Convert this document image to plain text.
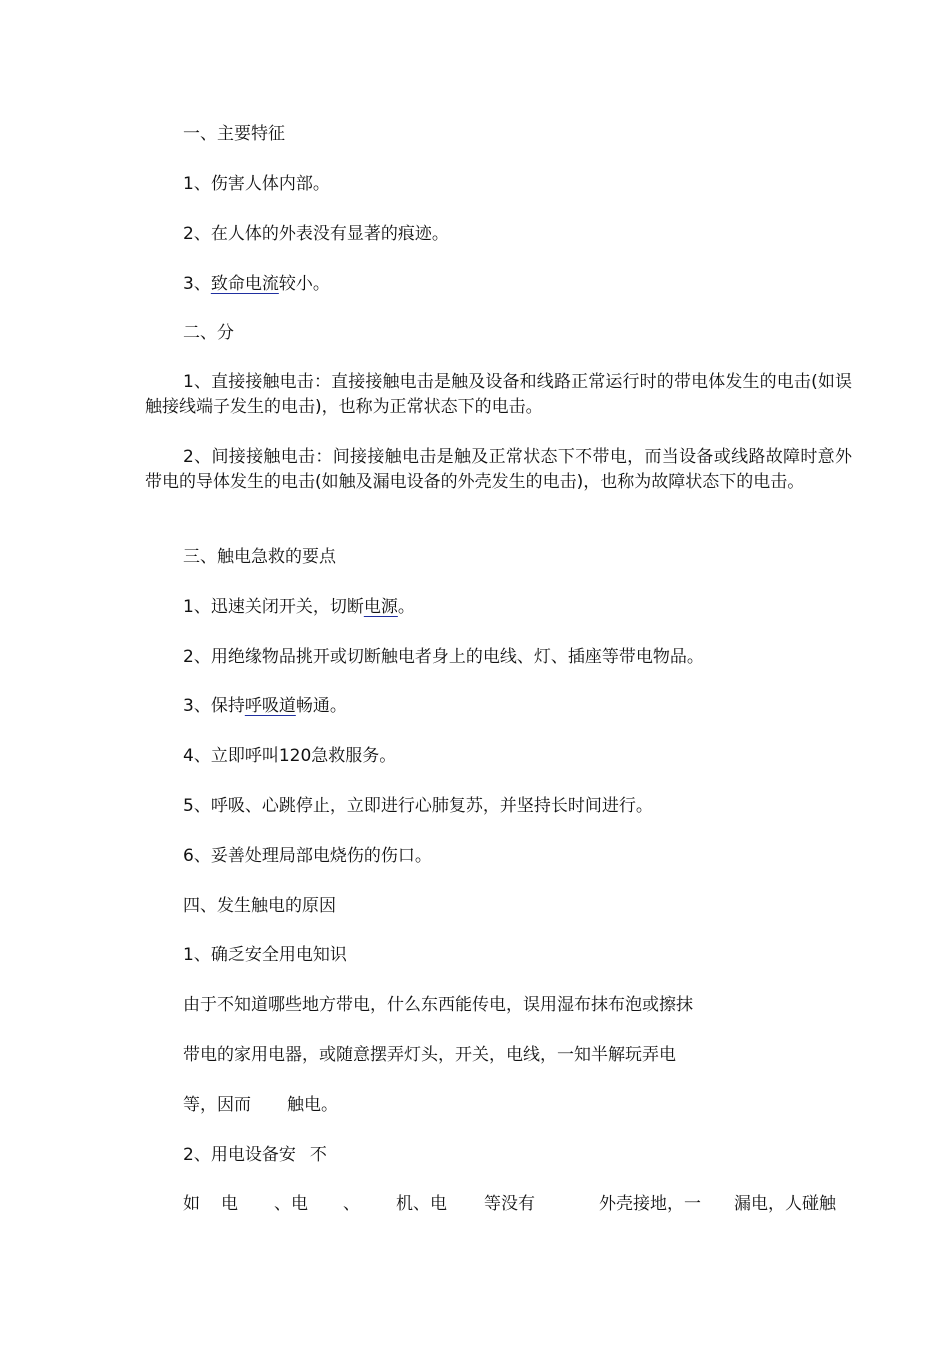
一、主要特征
1、伤害人体内部。
2、在人体的外表没有显著的痕迹。
3、致命电流较小。
二、分
1、直接接触电击：直接接触电击是触及设备和线路正常运行时的带电体发生的电击(如误触接线端子发生的电击)，也称为正常状态下的电击。
2、间接接触电击：间接接触电击是触及正常状态下不带电，而当设备或线路故障时意外带电的导体发生的电击(如触及漏电设备的外壳发生的电击)，也称为故障状态下的电击。
三、触电急救的要点
1、迅速关闭开关，切断电源。
2、用绝缘物品挑开或切断触电者身上的电线、灯、插座等带电物品。
3、保持呼吸道畅通。
4、立即呼叫120急救服务。
5、呼吸、心跳停止，立即进行心肺复苏，并坚持长时间进行。
6、妥善处理局部电烧伤的伤口。
四、发生触电的原因
1、确乏安全用电知识
由于不知道哪些地方带电，什么东西能传电，误用湿布抹布泡或擦抹
带电的家用电器，或随意摆弄灯头，开关，电线，一知半解玩弄电
等，因而 触电。
2、用电设备安 不
如 电 、电 、 机、电 等没有	外壳接地，一 漏电，人碰触
